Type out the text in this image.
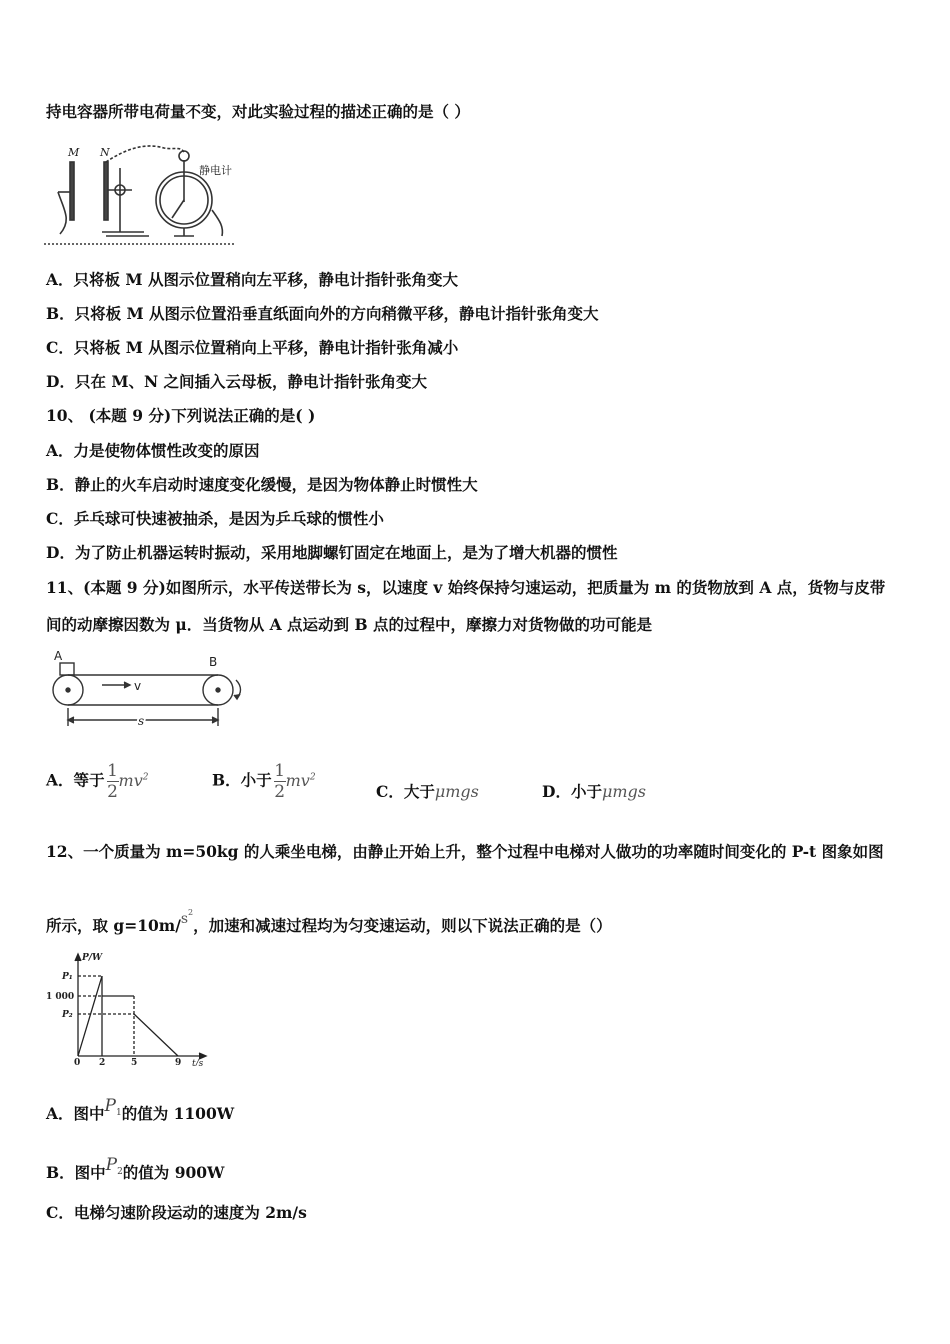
持电容器所带电荷量不变，对此实验过程的描述正确的是（ ）
M N
静电计
A．只将板 M 从图示位置稍向左平移，静电计指针张角变大
B．只将板 M 从图示位置沿垂直纸面向外的方向稍微平移，静电计指针张角变大
C．只将板 M 从图示位置稍向上平移，静电计指针张角减小
D．只在 M、N 之间插入云母板，静电计指针张角变大
10、 (本题 9 分)下列说法正确的是( )
A．力是使物体惯性改变的原因
B．静止的火车启动时速度变化缓慢，是因为物体静止时惯性大
C．乒乓球可快速被抽杀，是因为乒乓球的惯性小
D．为了防止机器运转时振动，采用地脚螺钉固定在地面上，是为了增大机器的惯性
11、(本题 9 分)如图所示，水平传送带长为 s，以速度 v 始终保持匀速运动，把质量为 m 的货物放到 A 点，货物与皮带
间的动摩擦因数为 μ．当货物从 A 点运动到 B 点的过程中，摩擦力对货物做的功可能是
A	B
v
s
A．等于 $\frac{1}{2} mv^2$	B．小于 $\frac{1}{2} mv^2$
C．大于μmgs	D．小于μmgs
12、一个质量为 m=50kg 的人乘坐电梯，由静止开始上升，整个过程中电梯对人做功的功率随时间变化的 P-t 图象如图
所示，取 $g=10m/s^2$，加速和减速过程均为匀变速运动，则以下说法正确的是（）
P/W
t/s
P₁
1 000
P₂
0 2	5	9
A．图中$P_1$的值为 1100W
B．图中$P_2$的值为 900W
C．电梯匀速阶段运动的速度为 2m/s
